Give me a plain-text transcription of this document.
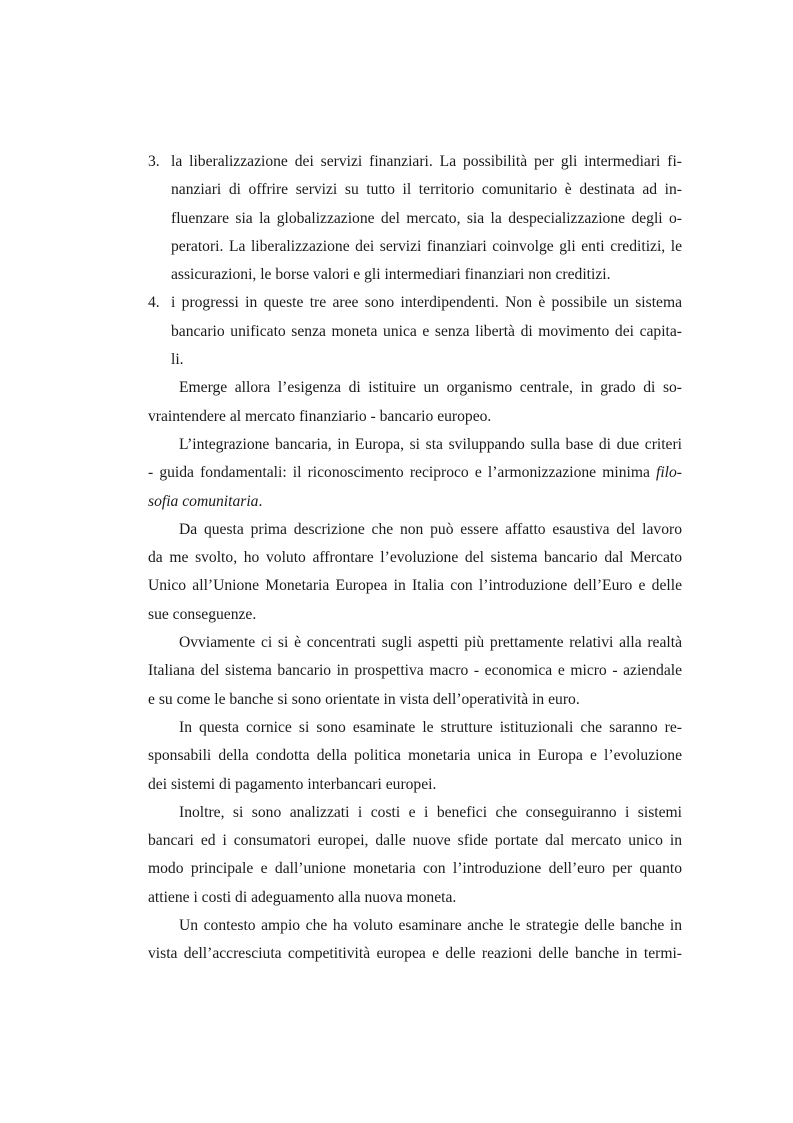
3. la liberalizzazione dei servizi finanziari. La possibilità per gli intermediari fi-
nanziari di offrire servizi su tutto il territorio comunitario è destinata ad in-
fluenzare sia la globalizzazione del mercato, sia la despecializzazione degli o-
peratori. La liberalizzazione dei servizi finanziari coinvolge gli enti creditizi, le
assicurazioni, le borse valori e gli intermediari finanziari non creditizi.
4. i progressi in queste tre aree sono interdipendenti. Non è possibile un sistema
bancario unificato senza moneta unica e senza libertà di movimento dei capita-
li.
Emerge allora l’esigenza di istituire un organismo centrale, in grado di so-
vraintendere al mercato finanziario - bancario europeo.
L’integrazione bancaria, in Europa, si sta sviluppando sulla base di due criteri
- guida fondamentali: il riconoscimento reciproco e l’armonizzazione minima filo-
sofia comunitaria.
Da questa prima descrizione che non può essere affatto esaustiva del lavoro
da me svolto, ho voluto affrontare l’evoluzione del sistema bancario dal Mercato
Unico all’Unione Monetaria Europea in Italia con l’introduzione dell’Euro e delle
sue conseguenze.
Ovviamente ci si è concentrati sugli aspetti più prettamente relativi alla realtà
Italiana del sistema bancario in prospettiva macro - economica e micro - aziendale
e su come le banche si sono orientate in vista dell’operatività in euro.
In questa cornice si sono esaminate le strutture istituzionali che saranno re-
sponsabili della condotta della politica monetaria unica in Europa e l’evoluzione
dei sistemi di pagamento interbancari europei.
Inoltre, si sono analizzati i costi e i benefici che conseguiranno i sistemi
bancari ed i consumatori europei, dalle nuove sfide portate dal mercato unico in
modo principale e dall’unione monetaria con l’introduzione dell’euro per quanto
attiene i costi di adeguamento alla nuova moneta.
Un contesto ampio che ha voluto esaminare anche le strategie delle banche in
vista dell’accresciuta competitività europea e delle reazioni delle banche in termi-
